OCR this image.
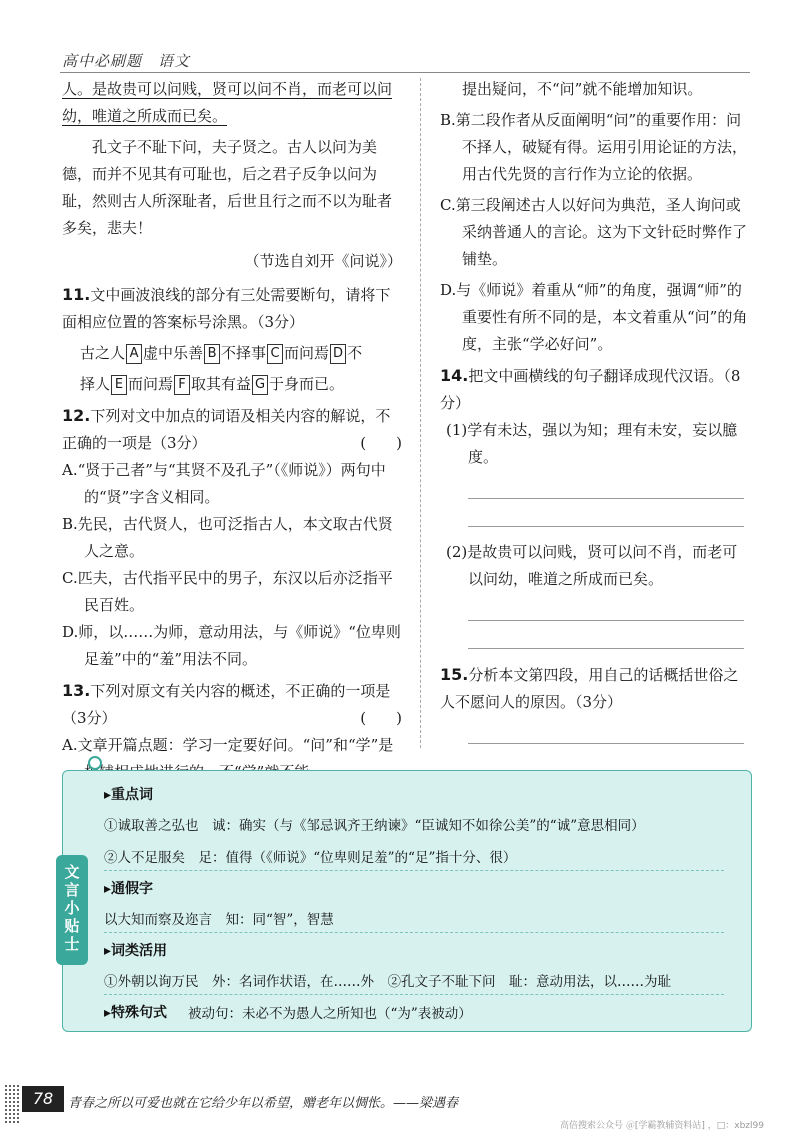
高中必刷题　语文

人。是故贵可以问贱，贤可以问不肖，而老可以问幼，唯道之所成而已矣。

孔文子不耻下问，夫子贤之。古人以问为美德，而并不见其有可耻也，后之君子反争以问为耻，然则古人所深耻者，后世且行之而不以为耻者多矣，悲夫！

（节选自刘开《问说》）

11.文中画波浪线的部分有三处需要断句，请将下面相应位置的答案标号涂黑。（3分）

古之人 A 虚中乐善 B 不择事 C 而问焉 D 不

择人 E 而问焉 F 取其有益 G 于身而已。

12.下列对文中加点的词语及相关内容的解说，不正确的一项是（3分）	(　　)

A.“贤于己者”与“其贤不及孔子”（《师说》）两句中的“贤”字含义相同。

B.先民，古代贤人，也可泛指古人，本文取古代贤人之意。

C.匹夫，古代指平民中的男子，东汉以后亦泛指平民百姓。

D.师，以……为师，意动用法，与《师说》“位卑则足羞”中的“羞”用法不同。

13.下列对原文有关内容的概述，不正确的一项是（3分）	(　　)

A.文章开篇点题：学习一定要好问。“问”和“学”是

提出疑问，不“问”就不能增加知识。

B.第二段作者从反面阐明“问”的重要作用：问不择人，破疑有得。运用引用论证的方法，用古代先贤的言行作为立论的依据。

C.第三段阐述古人以好问为典范，圣人询问或采纳普通人的言论。这为下文针砭时弊作了铺垫。

D.与《师说》着重从“师”的角度，强调“师”的重要性有所不同的是，本文着重从“问”的角度，主张“学必好问”。

14.把文中画横线的句子翻译成现代汉语。（8分）

(1)学有未达，强以为知；理有未安，妄以臆度。

(2)是故贵可以问贱，贤可以问不肖，而老可以问幼，唯道之所成而已矣。

15.分析本文第四段，用自己的话概括世俗之人不愿问人的原因。（3分）

文言小贴士
▸重点词
①诚取善之弘也　诚：确实（与《邹忌讽齐王纳谏》“臣诚知不如徐公美”的“诚”意思相同）
②人不足服矣　足：值得（《师说》“位卑则足羞”的“足”指十分、很）
▸通假字
以大知而察及迩言　知：同“智”，智慧
▸词类活用
①外朝以询万民　外：名词作状语，在……外　②孔文子不耻下问　耻：意动用法，以……为耻
▸特殊句式 被动句：未必不为愚人之所知也（“为”表被动）
78	青春之所以可爱也就在它给少年以希望，赠老年以惆怅。——梁遇春
高倍搜索公众号 ＠[学霸教辅资料站] ，□：xbzl99
